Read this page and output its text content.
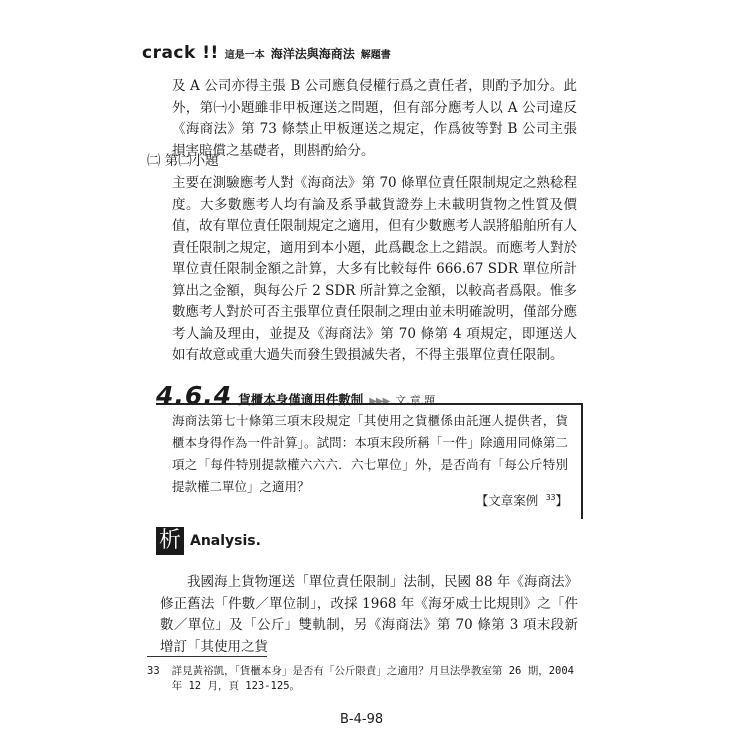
crack !! 這是一本 海洋法與海商法 解題書
及 A 公司亦得主張 B 公司應負侵權行爲之責任者，則酌予加分。此外，第㈠小題雖非甲板運送之問題，但有部分應考人以 A 公司違反《海商法》第 73 條禁止甲板運送之規定，作爲彼等對 B 公司主張損害賠償之基礎者，則斟酌給分。
㈡ 第㈡小題
主要在測驗應考人對《海商法》第 70 條單位責任限制規定之熟稔程度。大多數應考人均有論及系爭載貨證券上未載明貨物之性質及價值，故有單位責任限制規定之適用，但有少數應考人誤將船舶所有人責任限制之規定，適用到本小題，此爲觀念上之錯誤。而應考人對於單位責任限制金額之計算，大多有比較每件 666.67 SDR 單位所計算出之金額，與每公斤 2 SDR 所計算之金額，以較高者爲限。惟多數應考人對於可否主張單位責任限制之理由並未明確說明，僅部分應考人論及理由，並提及《海商法》第 70 條第 4 項規定，即運送人如有故意或重大過失而發生毀損滅失者，不得主張單位責任限制。
4.6.4 貨櫃本身僅適用件數制 ▶▶▶ 文.章.題
海商法第七十條第三項末段規定「其使用之貨櫃係由託運人提供者，貨櫃本身得作為一件計算」。試問：本項末段所稱「一件」除適用同條第二項之「每件特別提款權六六六．六七單位」外，是否尚有「每公斤特別提款權二單位」之適用？
【文章案例 $^{33}$】
析 Analysis.
我國海上貨物運送「單位責任限制」法制，民國 88 年《海商法》修正舊法「件數／單位制」，改採 1968 年《海牙威士比規則》之「件數／單位」及「公斤」雙軌制，另《海商法》第 70 條第 3 項末段新增訂「其使用之貨
33 詳見黃裕凱，「貨櫃本身」是否有「公斤限責」之適用？月旦法學教室第 26 期，2004 年 12 月，頁 123-125。
B-4-98
